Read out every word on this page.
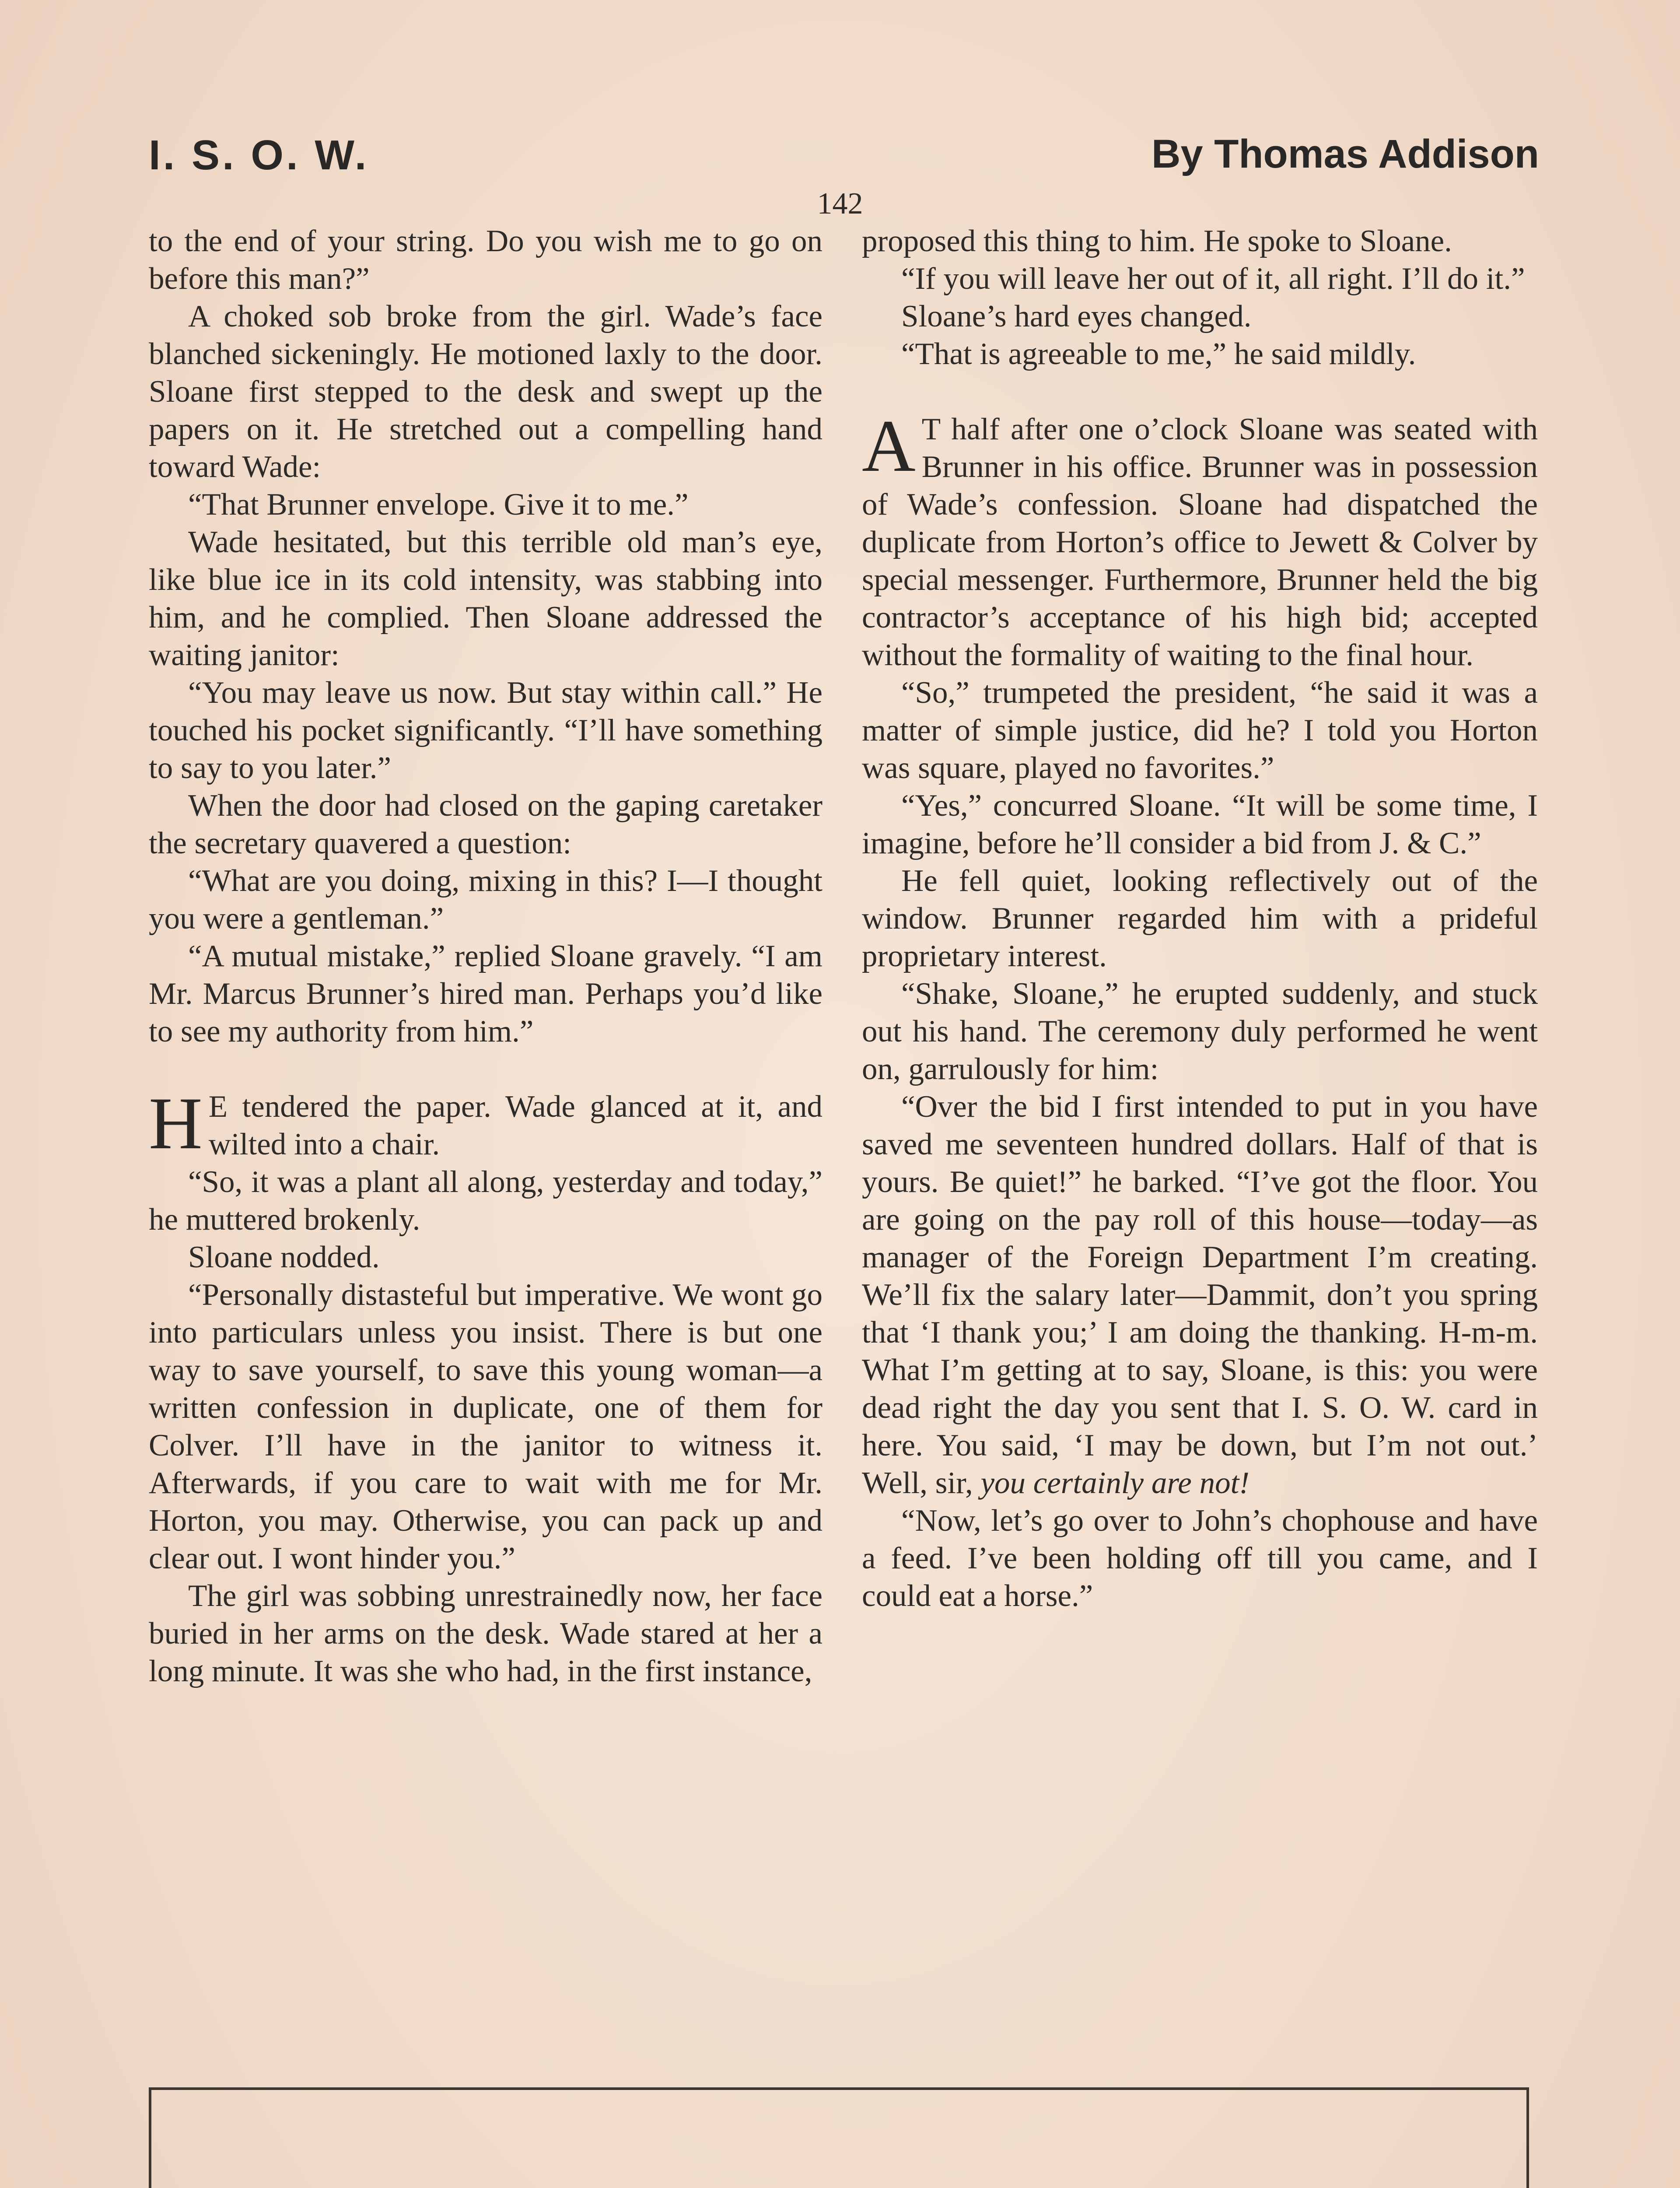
I. S. O. W.	By Thomas Addison
142

to the end of your string. Do you wish me to go on before this man?”

A choked sob broke from the girl. Wade’s face blanched sickeningly. He motioned laxly to the door. Sloane first stepped to the desk and swept up the papers on it. He stretched out a compelling hand toward Wade:

“That Brunner envelope. Give it to me.”

Wade hesitated, but this terrible old man’s eye, like blue ice in its cold intensity, was stabbing into him, and he complied. Then Sloane addressed the waiting janitor:

“You may leave us now. But stay within call.” He touched his pocket significantly. “I’ll have something to say to you later.”

When the door had closed on the gaping caretaker the secretary quavered a question:

“What are you doing, mixing in this? I—I thought you were a gentleman.”

“A mutual mistake,” replied Sloane gravely. “I am Mr. Marcus Brunner’s hired man. Perhaps you’d like to see my authority from him.”

H E tendered the paper. Wade glanced at it, and wilted into a chair.

“So, it was a plant all along, yesterday and today,” he muttered brokenly.

Sloane nodded.

“Personally distasteful but imperative. We wont go into particulars unless you insist. There is but one way to save yourself, to save this young woman—a written confession in duplicate, one of them for Colver. I’ll have in the janitor to witness it. Afterwards, if you care to wait with me for Mr. Horton, you may. Otherwise, you can pack up and clear out. I wont hinder you.”

The girl was sobbing unrestrainedly now, her face buried in her arms on the desk. Wade stared at her a long minute. It was she who had, in the first instance,

proposed this thing to him. He spoke to Sloane.

“If you will leave her out of it, all right. I’ll do it.”

Sloane’s hard eyes changed.

“That is agreeable to me,” he said mildly.

A T half after one o’clock Sloane was seated with Brunner in his office. Brunner was in possession of Wade’s confession. Sloane had dispatched the duplicate from Horton’s office to Jewett & Colver by special messenger. Furthermore, Brunner held the big contractor’s acceptance of his high bid; accepted without the formality of waiting to the final hour.

“So,” trumpeted the president, “he said it was a matter of simple justice, did he? I told you Horton was square, played no favorites.”

“Yes,” concurred Sloane. “It will be some time, I imagine, before he’ll consider a bid from J. & C.”

He fell quiet, looking reflectively out of the window. Brunner regarded him with a prideful proprietary interest.

“Shake, Sloane,” he erupted suddenly, and stuck out his hand. The ceremony duly performed he went on, garrulously for him:

“Over the bid I first intended to put in you have saved me seventeen hundred dollars. Half of that is yours. Be quiet!” he barked. “I’ve got the floor. You are going on the pay roll of this house—today—as manager of the Foreign Department I’m creating. We’ll fix the salary later—Dammit, don’t you spring that ‘I thank you;’ I am doing the thanking. H-m-m. What I’m getting at to say, Sloane, is this: you were dead right the day you sent that I. S. O. W. card in here. You said, ‘I may be down, but I’m not out.’ Well, sir, you certainly are not!

“Now, let’s go over to John’s chophouse and have a feed. I’ve been holding off till you came, and I could eat a horse.”
